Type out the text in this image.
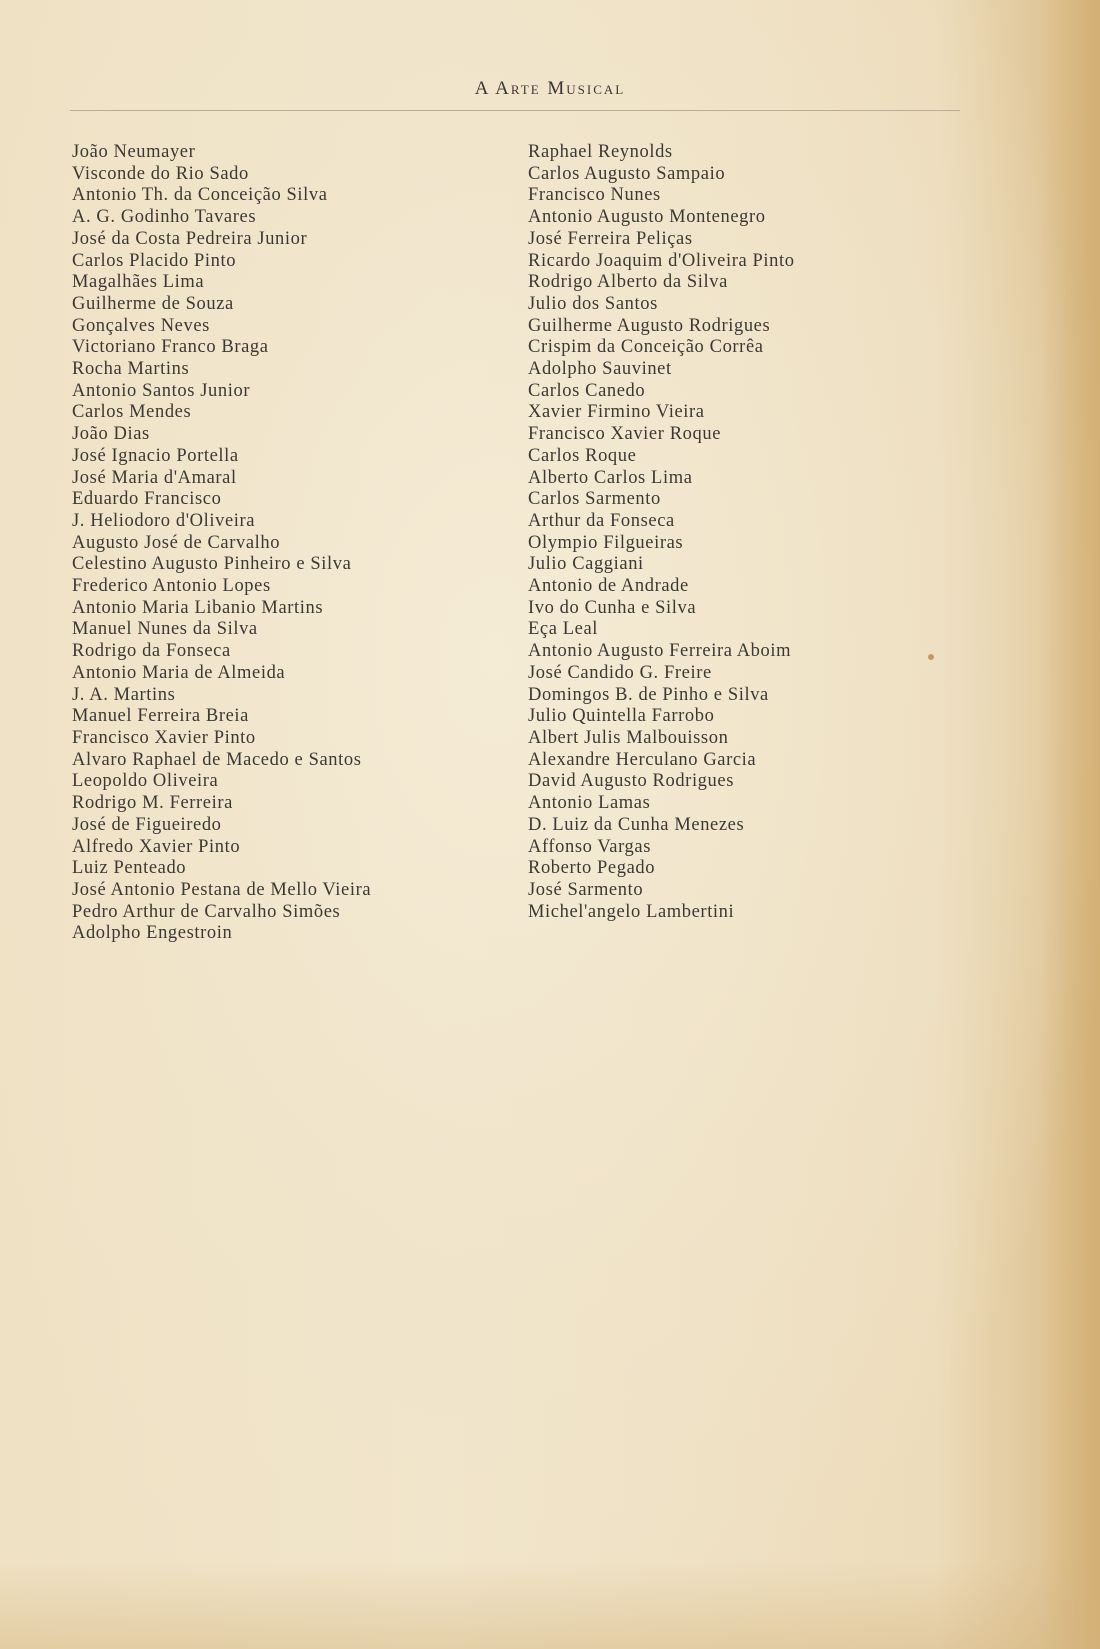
A Arte Musical
João Neumayer
Visconde do Rio Sado
Antonio Th. da Conceição Silva
A. G. Godinho Tavares
José da Costa Pedreira Junior
Carlos Placido Pinto
Magalhães Lima
Guilherme de Souza
Gonçalves Neves
Victoriano Franco Braga
Rocha Martins
Antonio Santos Junior
Carlos Mendes
João Dias
José Ignacio Portella
José Maria d'Amaral
Eduardo Francisco
J. Heliodoro d'Oliveira
Augusto José de Carvalho
Celestino Augusto Pinheiro e Silva
Frederico Antonio Lopes
Antonio Maria Libanio Martins
Manuel Nunes da Silva
Rodrigo da Fonseca
Antonio Maria de Almeida
J. A. Martins
Manuel Ferreira Breia
Francisco Xavier Pinto
Alvaro Raphael de Macedo e Santos
Leopoldo Oliveira
Rodrigo M. Ferreira
José de Figueiredo
Alfredo Xavier Pinto
Luiz Penteado
José Antonio Pestana de Mello Vieira
Pedro Arthur de Carvalho Simões
Adolpho Engestroin
Raphael Reynolds
Carlos Augusto Sampaio
Francisco Nunes
Antonio Augusto Montenegro
José Ferreira Peliças
Ricardo Joaquim d'Oliveira Pinto
Rodrigo Alberto da Silva
Julio dos Santos
Guilherme Augusto Rodrigues
Crispim da Conceição Corrêa
Adolpho Sauvinet
Carlos Canedo
Xavier Firmino Vieira
Francisco Xavier Roque
Carlos Roque
Alberto Carlos Lima
Carlos Sarmento
Arthur da Fonseca
Olympio Filgueiras
Julio Caggiani
Antonio de Andrade
Ivo do Cunha e Silva
Eça Leal
Antonio Augusto Ferreira Aboim
José Candido G. Freire
Domingos B. de Pinho e Silva
Julio Quintella Farrobo
Albert Julis Malbouisson
Alexandre Herculano Garcia
David Augusto Rodrigues
Antonio Lamas
D. Luiz da Cunha Menezes
Affonso Vargas
Roberto Pegado
José Sarmento
Michel'angelo Lambertini
